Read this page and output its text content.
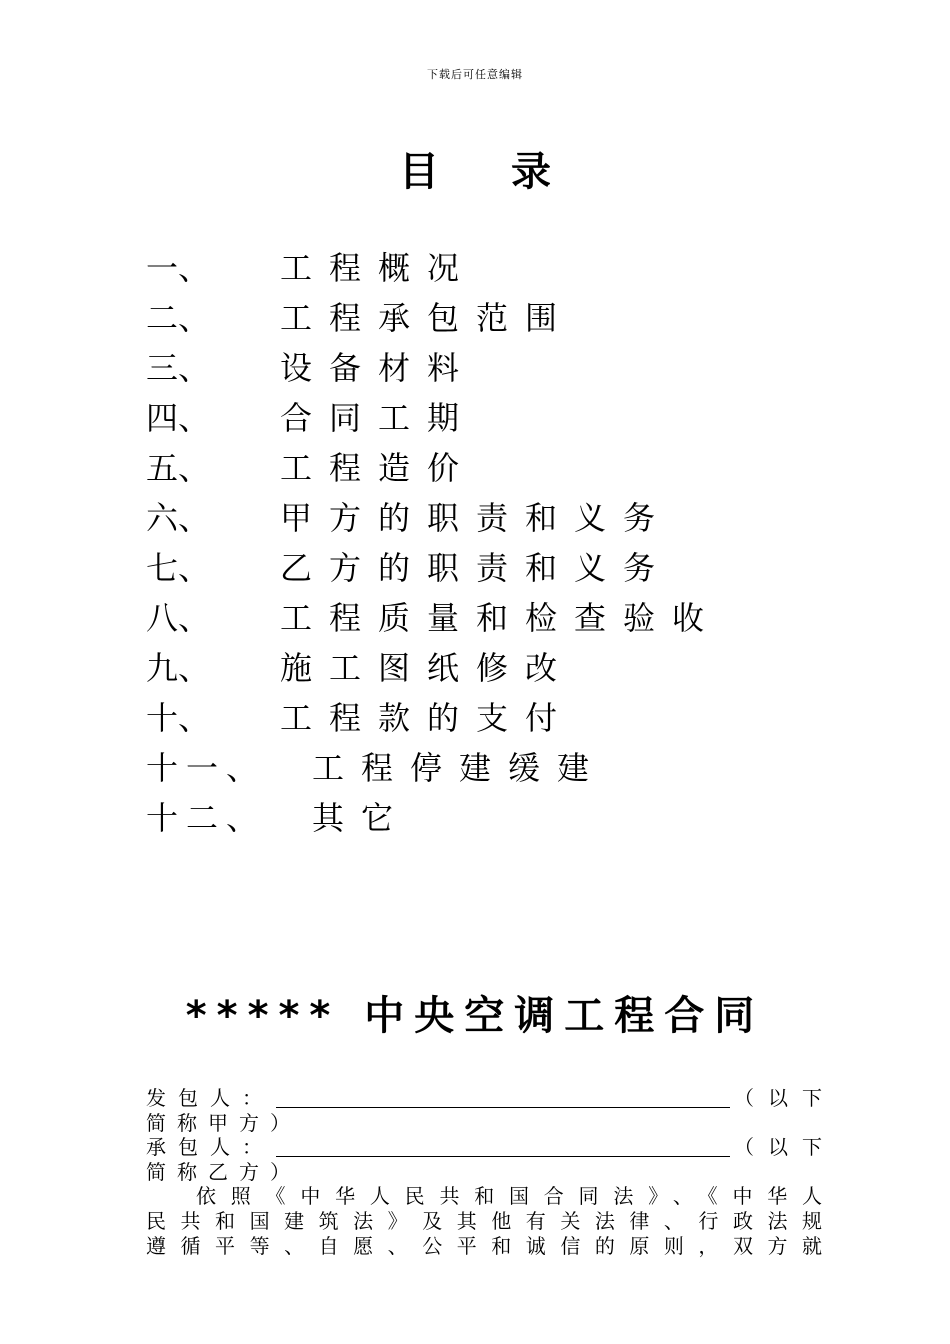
下载后可任意编辑
目 录
一、 工程概况
二、 工程承包范围
三、 设备材料
四、 合同工期
五、 工程造价
六、 甲方的职责和义务
七、 乙方的职责和义务
八、 工程质量和检查验收
九、 施工图纸修改
十、 工程款的支付
十一、 工程停建缓建
十二、 其它
***** 中央空调工程合同
发包人：	（以下
简称甲方）
承包人：	（以下
简称乙方）
依照《中华人民共和国合同法》、《中华人
民共和国建筑法》及其他有关法律、行政法规
遵循平等、自愿、公平和诚信的原则，双方就
